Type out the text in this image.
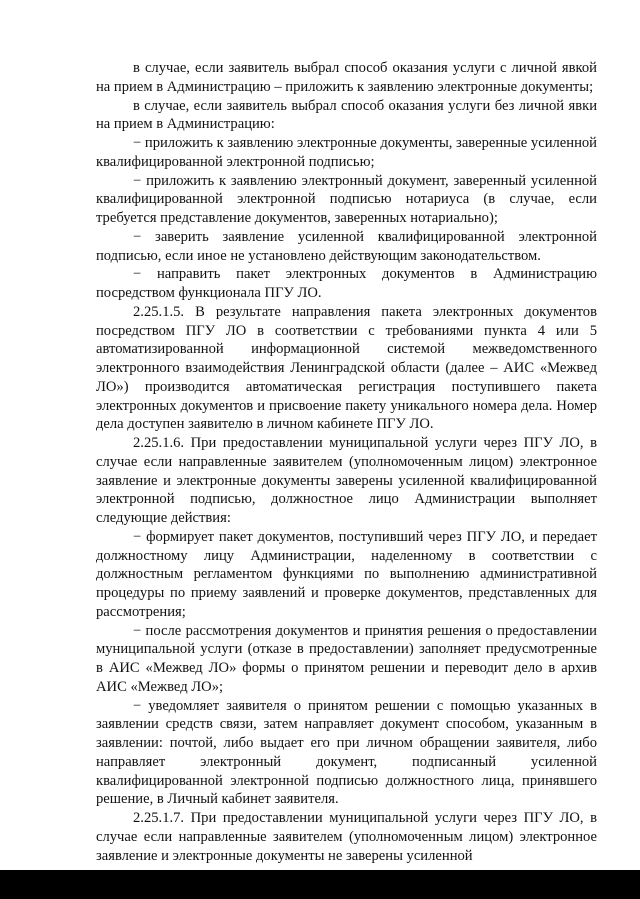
в случае, если заявитель выбрал способ оказания услуги с личной явкой на прием в Администрацию – приложить к заявлению электронные документы;

в случае, если заявитель выбрал способ оказания услуги без личной явки на прием в Администрацию:

− приложить к заявлению электронные документы, заверенные усиленной квалифицированной электронной подписью;

− приложить к заявлению электронный документ, заверенный усиленной квалифицированной электронной подписью нотариуса (в случае, если требуется представление документов, заверенных нотариально);

− заверить заявление усиленной квалифицированной электронной подписью, если иное не установлено действующим законодательством.

− направить пакет электронных документов в Администрацию посредством функционала ПГУ ЛО.

2.25.1.5. В результате направления пакета электронных документов посредством ПГУ ЛО в соответствии с требованиями пункта 4 или 5 автоматизированной информационной системой межведомственного электронного взаимодействия Ленинградской области (далее – АИС «Межвед ЛО») производится автоматическая регистрация поступившего пакета электронных документов и присвоение пакету уникального номера дела. Номер дела доступен заявителю в личном кабинете ПГУ ЛО.

2.25.1.6. При предоставлении муниципальной услуги через ПГУ ЛО, в случае если направленные заявителем (уполномоченным лицом) электронное заявление и электронные документы заверены усиленной квалифицированной электронной подписью, должностное лицо Администрации выполняет следующие действия:

− формирует пакет документов, поступивший через ПГУ ЛО, и передает должностному лицу Администрации, наделенному в соответствии с должностным регламентом функциями по выполнению административной процедуры по приему заявлений и проверке документов, представленных для рассмотрения;

− после рассмотрения документов и принятия решения о предоставлении муниципальной услуги (отказе в предоставлении) заполняет предусмотренные в АИС «Межвед ЛО» формы о принятом решении и переводит дело в архив АИС «Межвед ЛО»;

− уведомляет заявителя о принятом решении с помощью указанных в заявлении средств связи, затем направляет документ способом, указанным в заявлении: почтой, либо выдает его при личном обращении заявителя, либо направляет электронный документ, подписанный усиленной квалифицированной электронной подписью должностного лица, принявшего решение, в Личный кабинет заявителя.

2.25.1.7. При предоставлении муниципальной услуги через ПГУ ЛО, в случае если направленные заявителем (уполномоченным лицом) электронное заявление и электронные документы не заверены усиленной
